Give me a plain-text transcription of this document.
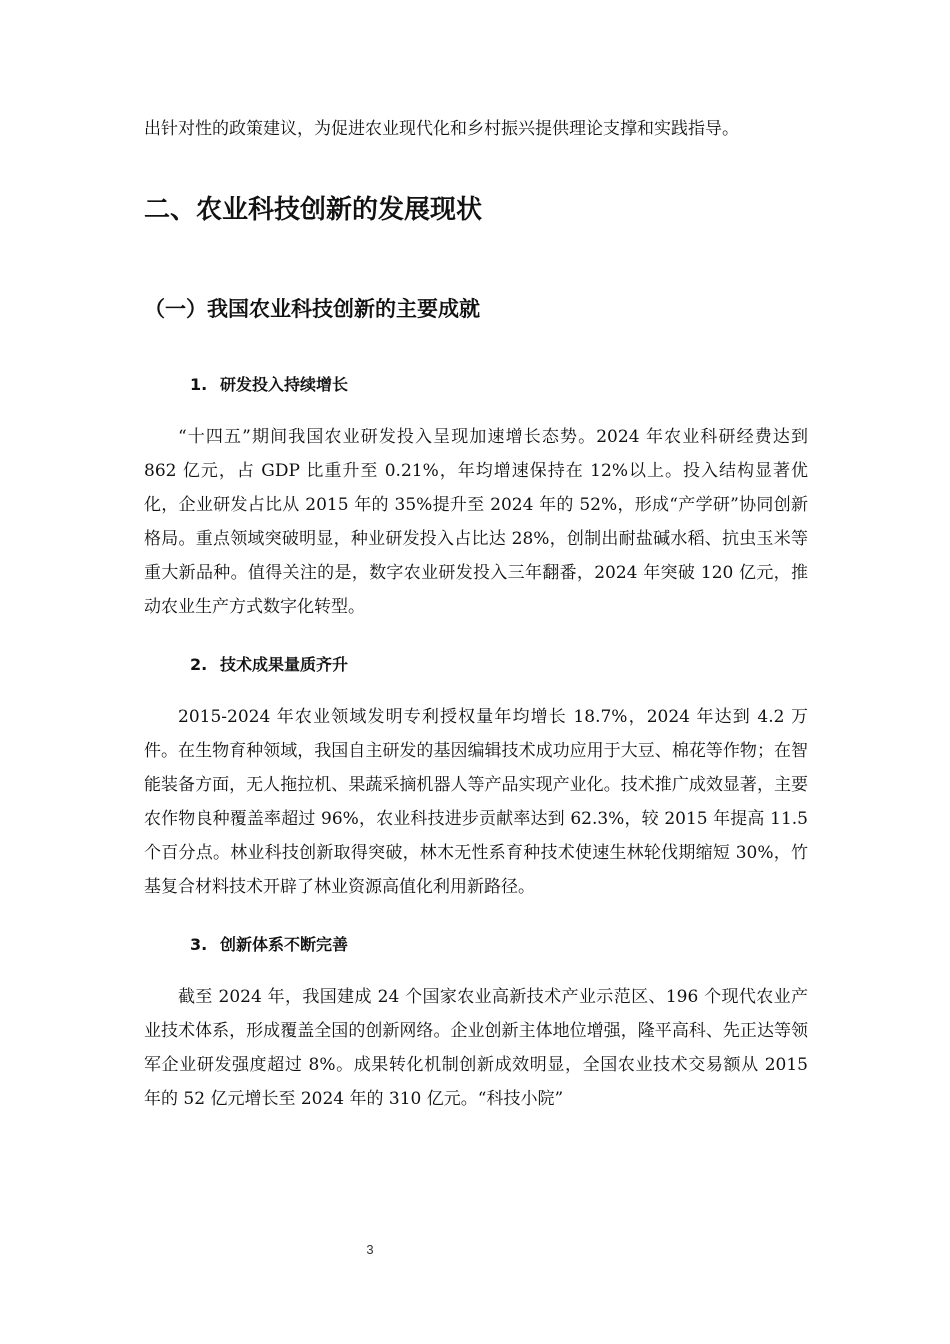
出针对性的政策建议，为促进农业现代化和乡村振兴提供理论支撑和实践指导。

二、农业科技创新的发展现状
（一）我国农业科技创新的主要成就
1. 研发投入持续增长

“十四五”期间我国农业研发投入呈现加速增长态势。2024 年农业科研经费达到 862 亿元，占 GDP 比重升至 0.21%，年均增速保持在 12%以上。投入结构显著优化，企业研发占比从 2015 年的 35%提升至 2024 年的 52%，形成“产学研”协同创新格局。重点领域突破明显，种业研发投入占比达 28%，创制出耐盐碱水稻、抗虫玉米等重大新品种。值得关注的是，数字农业研发投入三年翻番，2024 年突破 120 亿元，推动农业生产方式数字化转型。

2. 技术成果量质齐升

2015-2024 年农业领域发明专利授权量年均增长 18.7%，2024 年达到 4.2 万件。在生物育种领域，我国自主研发的基因编辑技术成功应用于大豆、棉花等作物；在智能装备方面，无人拖拉机、果蔬采摘机器人等产品实现产业化。技术推广成效显著，主要农作物良种覆盖率超过 96%，农业科技进步贡献率达到 62.3%，较 2015 年提高 11.5 个百分点。林业科技创新取得突破，林木无性系育种技术使速生林轮伐期缩短 30%，竹基复合材料技术开辟了林业资源高值化利用新路径。

3. 创新体系不断完善

截至 2024 年，我国建成 24 个国家农业高新技术产业示范区、196 个现代农业产业技术体系，形成覆盖全国的创新网络。企业创新主体地位增强，隆平高科、先正达等领军企业研发强度超过 8%。成果转化机制创新成效明显，全国农业技术交易额从 2015 年的 52 亿元增长至 2024 年的 310 亿元。“科技小院”

3
